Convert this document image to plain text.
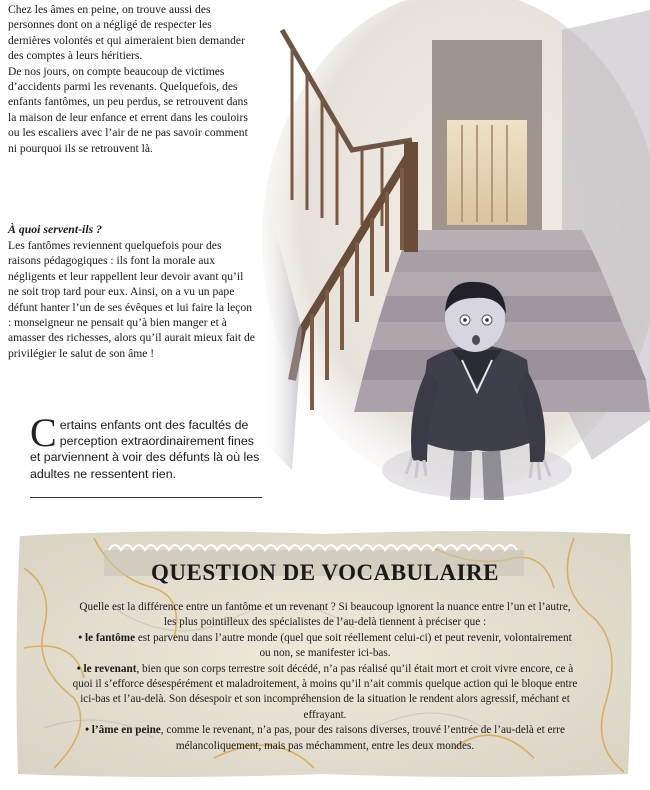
Chez les âmes en peine, on trouve aussi des personnes dont on a négligé de respecter les dernières volontés et qui aimeraient bien demander des comptes à leurs héritiers.

De nos jours, on compte beaucoup de victimes d’accidents parmi les revenants. Quelquefois, des enfants fantômes, un peu perdus, se retrouvent dans la maison de leur enfance et errent dans les couloirs ou les escaliers avec l’air de ne pas savoir comment ni pourquoi ils se retrouvent là.

À quoi servent-ils ?

Les fantômes reviennent quelquefois pour des raisons pédagogiques : ils font la morale aux négligents et leur rappellent leur devoir avant qu’il ne soit trop tard pour eux. Ainsi, on a vu un pape défunt hanter l’un de ses évêques et lui faire la leçon : monseigneur ne pensait qu’à bien manger et à amasser des richesses, alors qu’il aurait mieux fait de privilégier le salut de son âme !

Certains enfants ont des facultés de perception extraordinairement fines et parviennent à voir des défunts là où les adultes ne ressentent rien.
QUESTION DE VOCABULAIRE

Quelle est la différence entre un fantôme et un revenant ? Si beaucoup ignorent la nuance entre l’un et l’autre, les plus pointilleux des spécialistes de l’au-delà tiennent à préciser que :

• le fantôme est parvenu dans l’autre monde (quel que soit réellement celui-ci) et peut revenir, volontairement ou non, se manifester ici-bas.

• le revenant, bien que son corps terrestre soit décédé, n’a pas réalisé qu’il était mort et croit vivre encore, ce à quoi il s’efforce désespérément et maladroitement, à moins qu’il n’ait commis quelque action qui le bloque entre ici-bas et l’au-delà. Son désespoir et son incompréhension de la situation le rendent alors agressif, méchant et effrayant.

• l’âme en peine, comme le revenant, n’a pas, pour des raisons diverses, trouvé l’entrée de l’au-delà et erre mélancoliquement, mais pas méchamment, entre les deux mondes.
